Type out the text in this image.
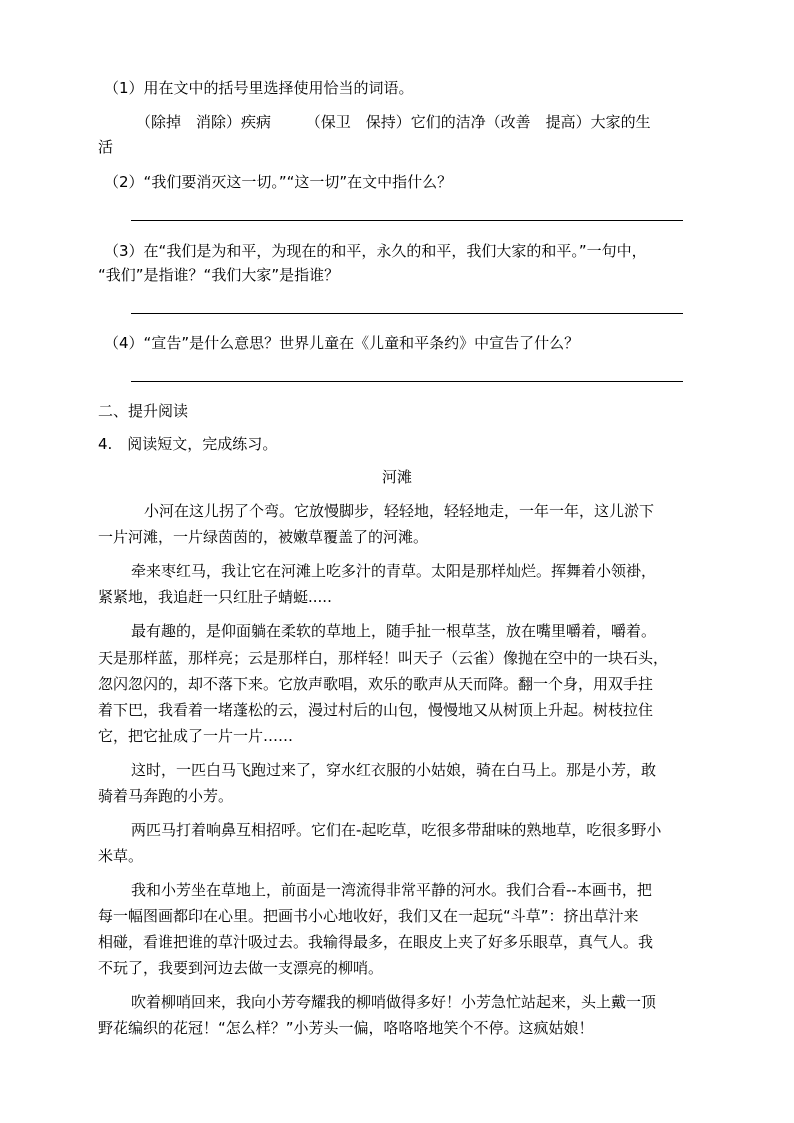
（1）用在文中的括号里选择使用恰当的词语。
（除掉　消除）疾病 （保卫　保持）它们的洁净 （改善　提高）大家的生
活
（2）“我们要消灭这一切。”“这一切”在文中指什么？
（3）在“我们是为和平，为现在的和平，永久的和平，我们大家的和平。”一句中，
“我们”是指谁？“我们大家”是指谁？
（4）“宣告”是什么意思？世界儿童在《儿童和平条约》中宣告了什么？
二、提升阅读
4.　阅读短文，完成练习。
河滩
小河在这儿拐了个弯。它放慢脚步，轻轻地，轻轻地走，一年一年，这儿淤下
一片河滩，一片绿茵茵的，被嫩草覆盖了的河滩。
牵来枣红马，我让它在河滩上吃多汁的青草。太阳是那样灿烂。挥舞着小领褂，
紧紧地，我追赶一只红肚子蜻蜓.....
最有趣的，是仰面躺在柔软的草地上，随手扯一根草茎，放在嘴里嚼着，嚼着。
天是那样蓝，那样亮；云是那样白，那样轻！叫天子（云雀）像抛在空中的一块石头，
忽闪忽闪的，却不落下来。它放声歌唱，欢乐的歌声从天而降。翻一个身，用双手拄
着下巴，我看着一堵蓬松的云，漫过村后的山包，慢慢地又从树顶上升起。树枝拉住
它，把它扯成了一片一片……
这时，一匹白马飞跑过来了，穿水红衣服的小姑娘，骑在白马上。那是小芳，敢
骑着马奔跑的小芳。
两匹马打着响鼻互相招呼。它们在-起吃草，吃很多带甜味的熟地草，吃很多野小
米草。
我和小芳坐在草地上，前面是一湾流得非常平静的河水。我们合看--本画书，把
每一幅图画都印在心里。把画书小心地收好，我们又在一起玩“斗草”：挤出草汁来
相碰，看谁把谁的草汁吸过去。我输得最多，在眼皮上夹了好多乐眼草，真气人。我
不玩了，我要到河边去做一支漂亮的柳哨。
吹着柳哨回来，我向小芳夸耀我的柳哨做得多好！小芳急忙站起来，头上戴一顶
野花编织的花冠！“怎么样？”小芳头一偏，咯咯咯地笑个不停。这疯姑娘！
